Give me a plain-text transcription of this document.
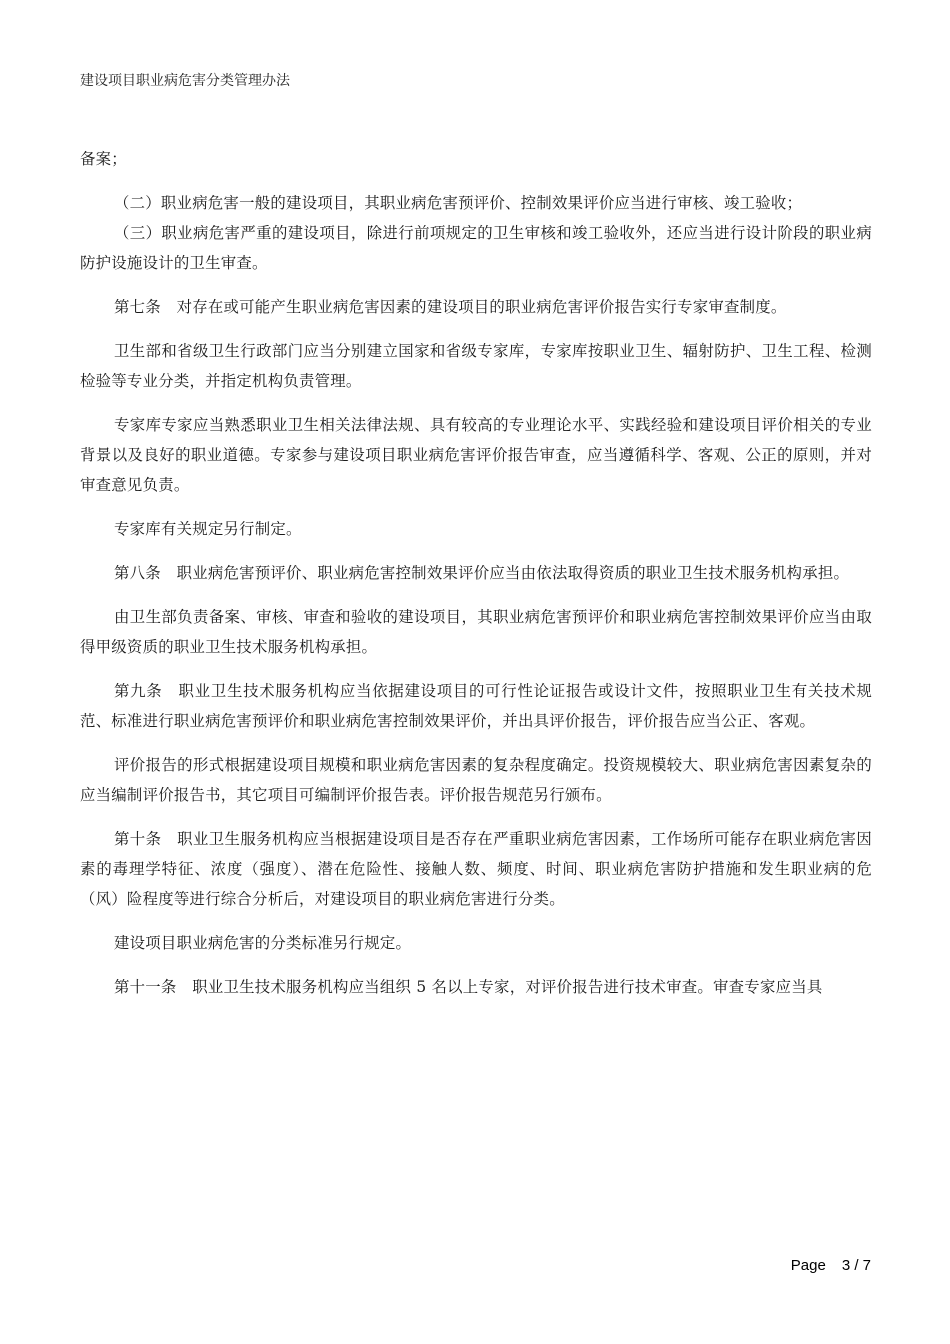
建设项目职业病危害分类管理办法

备案；

（二）职业病危害一般的建设项目，其职业病危害预评价、控制效果评价应当进行审核、竣工验收；

（三）职业病危害严重的建设项目，除进行前项规定的卫生审核和竣工验收外，还应当进行设计阶段的职业病防护设施设计的卫生审查。

第七条　对存在或可能产生职业病危害因素的建设项目的职业病危害评价报告实行专家审查制度。

卫生部和省级卫生行政部门应当分别建立国家和省级专家库，专家库按职业卫生、辐射防护、卫生工程、检测检验等专业分类，并指定机构负责管理。

专家库专家应当熟悉职业卫生相关法律法规、具有较高的专业理论水平、实践经验和建设项目评价相关的专业背景以及良好的职业道德。专家参与建设项目职业病危害评价报告审查，应当遵循科学、客观、公正的原则，并对审查意见负责。

专家库有关规定另行制定。

第八条　职业病危害预评价、职业病危害控制效果评价应当由依法取得资质的职业卫生技术服务机构承担。

由卫生部负责备案、审核、审查和验收的建设项目，其职业病危害预评价和职业病危害控制效果评价应当由取得甲级资质的职业卫生技术服务机构承担。

第九条　职业卫生技术服务机构应当依据建设项目的可行性论证报告或设计文件，按照职业卫生有关技术规范、标准进行职业病危害预评价和职业病危害控制效果评价，并出具评价报告，评价报告应当公正、客观。

评价报告的形式根据建设项目规模和职业病危害因素的复杂程度确定。投资规模较大、职业病危害因素复杂的应当编制评价报告书，其它项目可编制评价报告表。评价报告规范另行颁布。

第十条　职业卫生服务机构应当根据建设项目是否存在严重职业病危害因素，工作场所可能存在职业病危害因素的毒理学特征、浓度（强度）、潜在危险性、接触人数、频度、时间、职业病危害防护措施和发生职业病的危（风）险程度等进行综合分析后，对建设项目的职业病危害进行分类。

建设项目职业病危害的分类标准另行规定。

第十一条　职业卫生技术服务机构应当组织 5 名以上专家，对评价报告进行技术审查。审查专家应当具

Page 3 / 7
